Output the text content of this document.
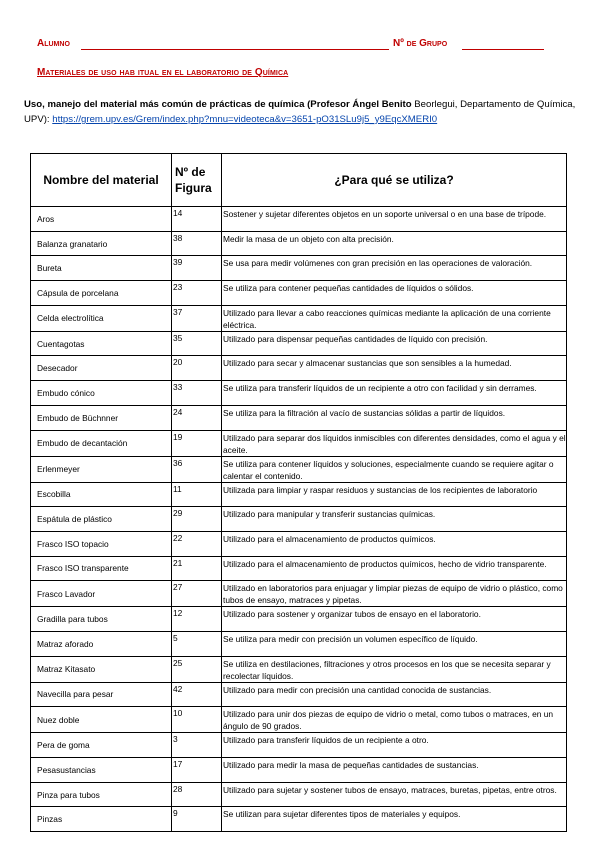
Alumno	Nº de Grupo
Materiales de uso hab itual en el laboratorio de Química
Uso, manejo del material más común de prácticas de química (Profesor Ángel Benito Beorlegui, Departamento de Química, UPV): https://grem.upv.es/Grem/index.php?mnu=videoteca&v=3651-pO31SLu9j5_y9EqcXMERI0
Nombre del material	Nº de Figura	¿Para qué se utiliza?
Aros	14	Sostener y sujetar diferentes objetos en un soporte universal o en una base de trípode.
Balanza granatario	38	Medir la masa de un objeto con alta precisión.
Bureta	39	Se usa para medir volúmenes con gran precisión en las operaciones de valoración.
Cápsula de porcelana	23	Se utiliza para contener pequeñas cantidades de líquidos o sólidos.
Celda electrolítica	37	Utilizado para llevar a cabo reacciones químicas mediante la aplicación de una corriente eléctrica.
Cuentagotas	35	Utilizado para dispensar pequeñas cantidades de líquido con precisión.
Desecador	20	Utilizado para secar y almacenar sustancias que son sensibles a la humedad.
Embudo cónico	33	Se utiliza para transferir líquidos de un recipiente a otro con facilidad y sin derrames.
Embudo de Büchnner	24	Se utiliza para la filtración al vacío de sustancias sólidas a partir de líquidos.
Embudo de decantación	19	Utilizado para separar dos líquidos inmiscibles con diferentes densidades, como el agua y el aceite.
Erlenmeyer	36	Se utiliza para contener líquidos y soluciones, especialmente cuando se requiere agitar o calentar el contenido.
Escobilla	11	Utilizada para limpiar y raspar residuos y sustancias de los recipientes de laboratorio
Espátula de plástico	29	Utilizado para manipular y transferir sustancias químicas.
Frasco ISO topacio	22	Utilizado para el almacenamiento de productos químicos.
Frasco ISO transparente	21	Utilizado para el almacenamiento de productos químicos, hecho de vidrio transparente.
Frasco Lavador	27	Utilizado en laboratorios para enjuagar y limpiar piezas de equipo de vidrio o plástico, como tubos de ensayo, matraces y pipetas.
Gradilla para tubos	12	Utilizado para sostener y organizar tubos de ensayo en el laboratorio.
Matraz aforado	5	Se utiliza para medir con precisión un volumen específico de líquido.
Matraz Kitasato	25	Se utiliza en destilaciones, filtraciones y otros procesos en los que se necesita separar y recolectar líquidos.
Navecilla para pesar	42	Utilizado para medir con precisión una cantidad conocida de sustancias.
Nuez doble	10	Utilizado para unir dos piezas de equipo de vidrio o metal, como tubos o matraces, en un ángulo de 90 grados.
Pera de goma	3	Utilizado para transferir líquidos de un recipiente a otro.
Pesasustancias	17	Utilizado para medir la masa de pequeñas cantidades de sustancias.
Pinza para tubos	28	Utilizado para sujetar y sostener tubos de ensayo, matraces, buretas, pipetas, entre otros.
Pinzas	9	Se utilizan para sujetar diferentes tipos de materiales y equipos.
